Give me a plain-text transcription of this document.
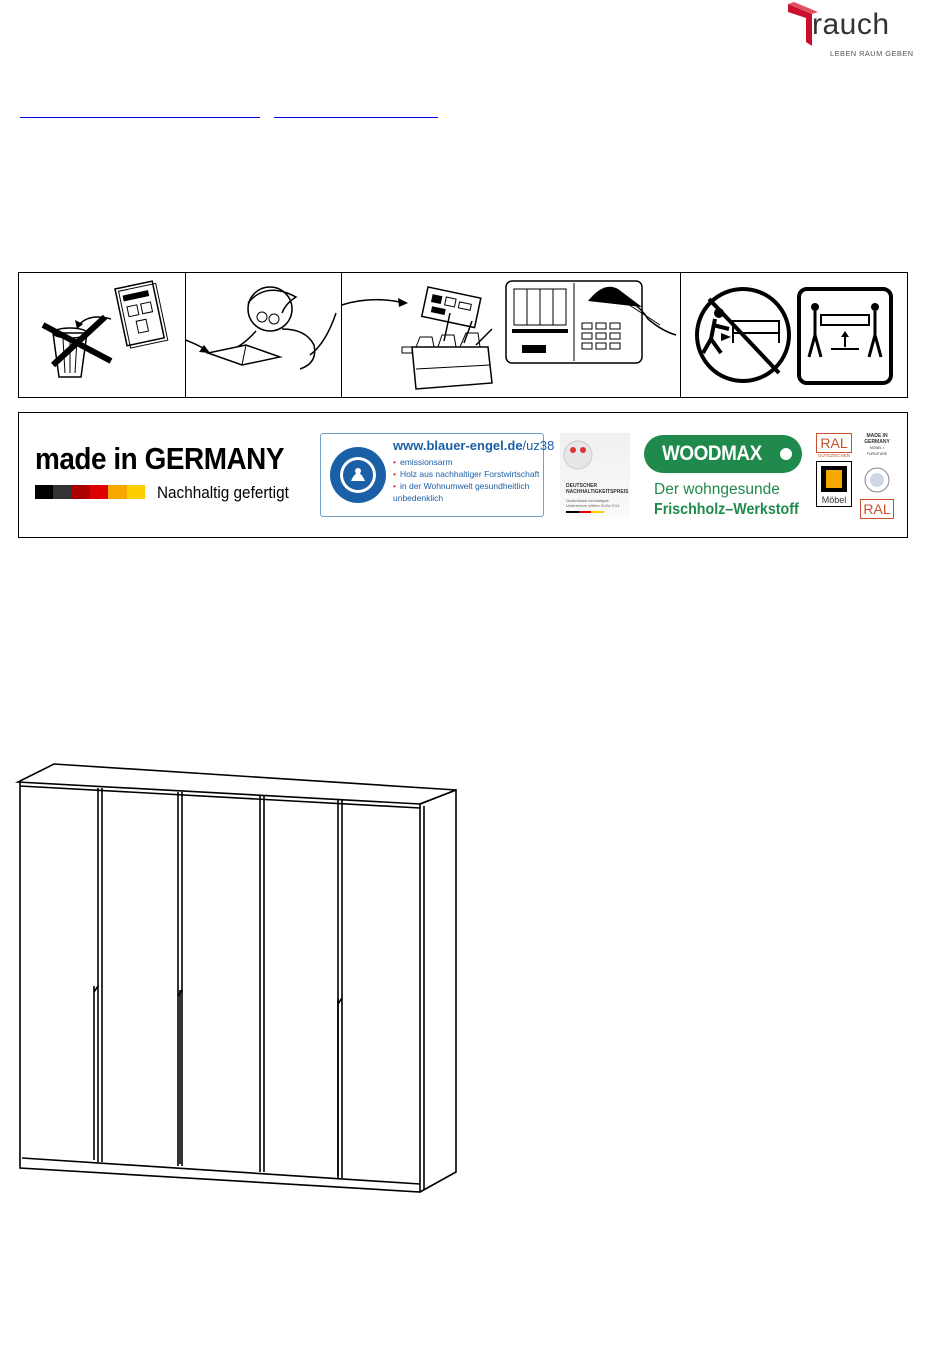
rauch
LEBEN RAUM GEBEN
made in GERMANY
Nachhaltig gefertigt
www.blauer-engel.de/uz38
• emissionsarm
• Holz aus nachhaltiger Forstwirtschaft
• in der Wohnumwelt gesundheitlich unbedenklich
DEUTSCHER NACHHALTIGKEITSPREIS
Deutschlands nachhaltigste Unternehmen mittlere Größe 2014
WOODMAX
Der wohngesunde
Frischholz–Werkstoff
RAL
GÜTEZEICHEN
Möbel
MADE IN GERMANY
MÖBEL • FURNITURE
RAL
